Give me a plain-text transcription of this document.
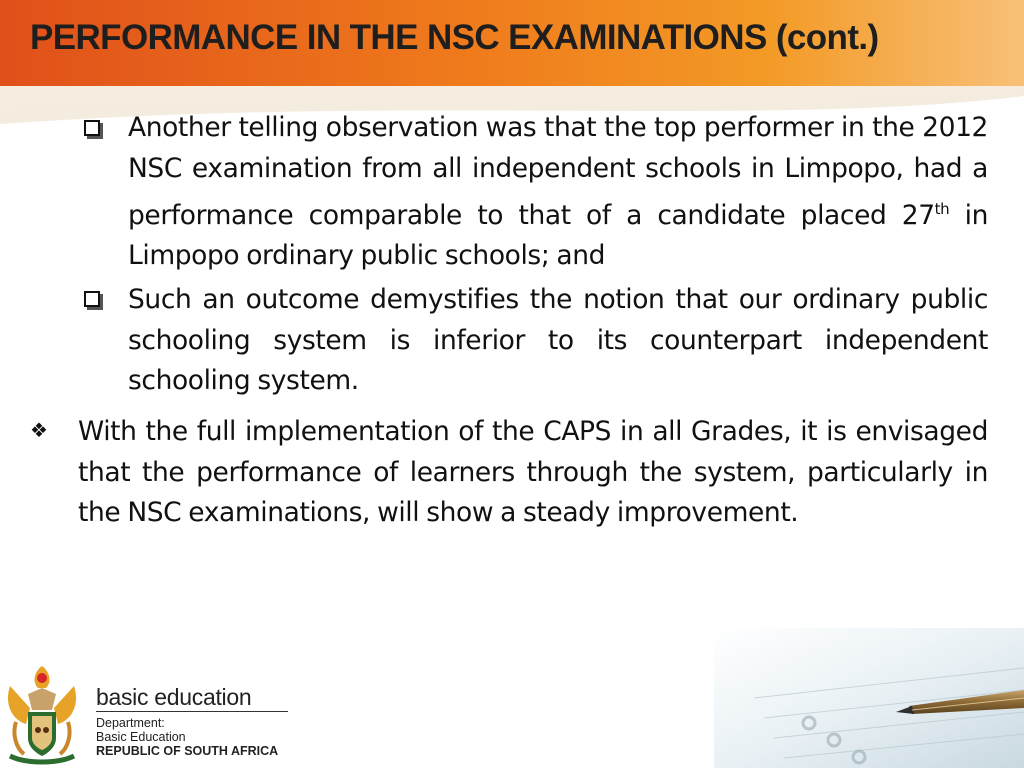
PERFORMANCE IN THE NSC EXAMINATIONS (cont.)
Another telling observation was that the top performer in the 2012 NSC examination from all independent schools in Limpopo, had a performance comparable to that of a candidate placed 27th in Limpopo ordinary public schools; and
Such an outcome demystifies the notion that our ordinary public schooling system is inferior to its counterpart independent schooling system.
❖ With the full implementation of the CAPS in all Grades, it is envisaged that the performance of learners through the system, particularly in the NSC examinations, will show a steady improvement.
basic education
Department:
Basic Education
REPUBLIC OF SOUTH AFRICA
